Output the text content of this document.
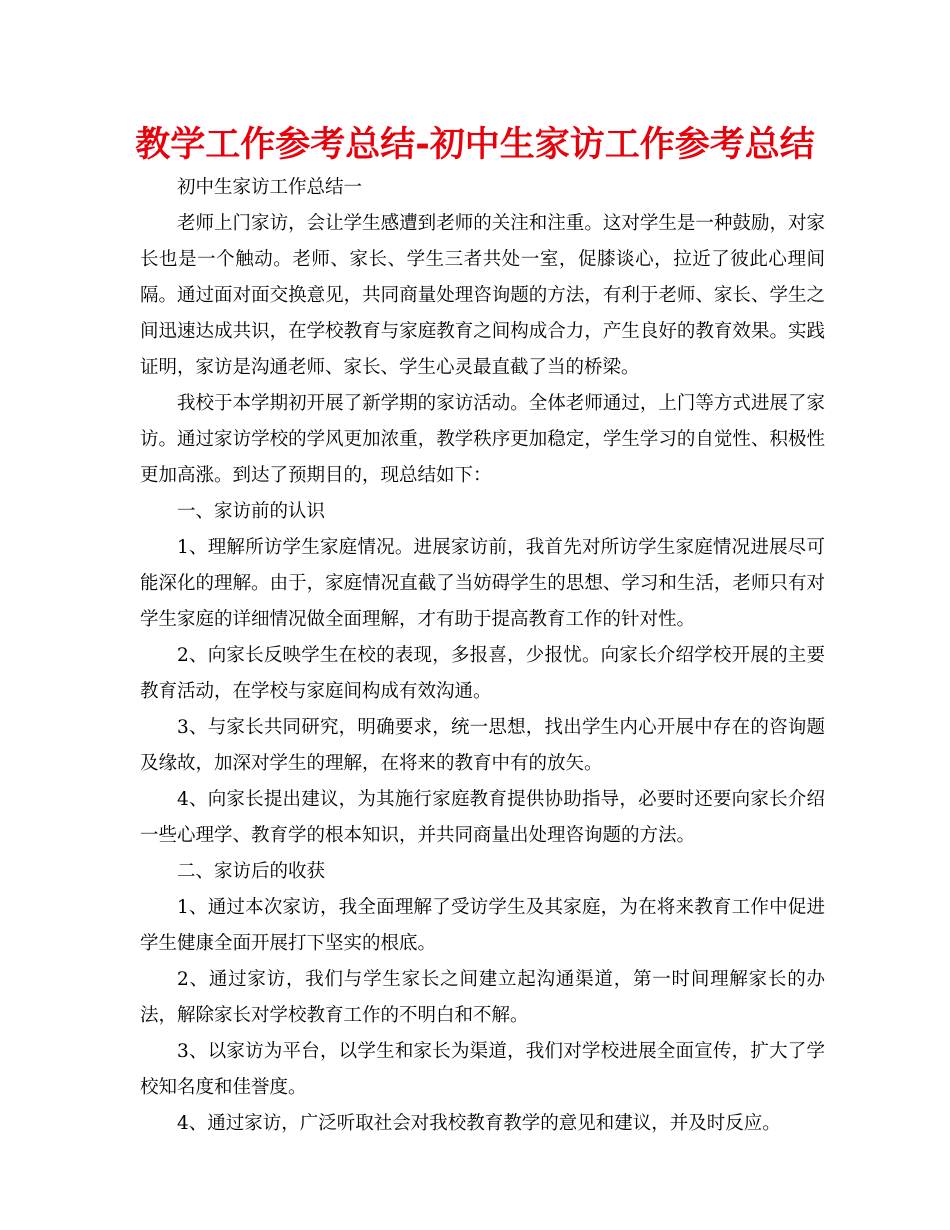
教学工作参考总结-初中生家访工作参考总结

初中生家访工作总结一

老师上门家访，会让学生感遭到老师的关注和注重。这对学生是一种鼓励，对家长也是一个触动。老师、家长、学生三者共处一室，促膝谈心，拉近了彼此心理间隔。通过面对面交换意见，共同商量处理咨询题的方法，有利于老师、家长、学生之间迅速达成共识，在学校教育与家庭教育之间构成合力，产生良好的教育效果。实践证明，家访是沟通老师、家长、学生心灵最直截了当的桥梁。

我校于本学期初开展了新学期的家访活动。全体老师通过，上门等方式进展了家访。通过家访学校的学风更加浓重，教学秩序更加稳定，学生学习的自觉性、积极性更加高涨。到达了预期目的，现总结如下：

一、家访前的认识

1、理解所访学生家庭情况。进展家访前，我首先对所访学生家庭情况进展尽可能深化的理解。由于，家庭情况直截了当妨碍学生的思想、学习和生活，老师只有对学生家庭的详细情况做全面理解，才有助于提高教育工作的针对性。

2、向家长反映学生在校的表现，多报喜，少报忧。向家长介绍学校开展的主要教育活动，在学校与家庭间构成有效沟通。

3、与家长共同研究，明确要求，统一思想，找出学生内心开展中存在的咨询题及缘故，加深对学生的理解，在将来的教育中有的放矢。

4、向家长提出建议，为其施行家庭教育提供协助指导，必要时还要向家长介绍一些心理学、教育学的根本知识，并共同商量出处理咨询题的方法。

二、家访后的收获

1、通过本次家访，我全面理解了受访学生及其家庭，为在将来教育工作中促进学生健康全面开展打下坚实的根底。

2、通过家访，我们与学生家长之间建立起沟通渠道，第一时间理解家长的办法，解除家长对学校教育工作的不明白和不解。

3、以家访为平台，以学生和家长为渠道，我们对学校进展全面宣传，扩大了学校知名度和佳誉度。

4、通过家访，广泛听取社会对我校教育教学的意见和建议，并及时反应。
